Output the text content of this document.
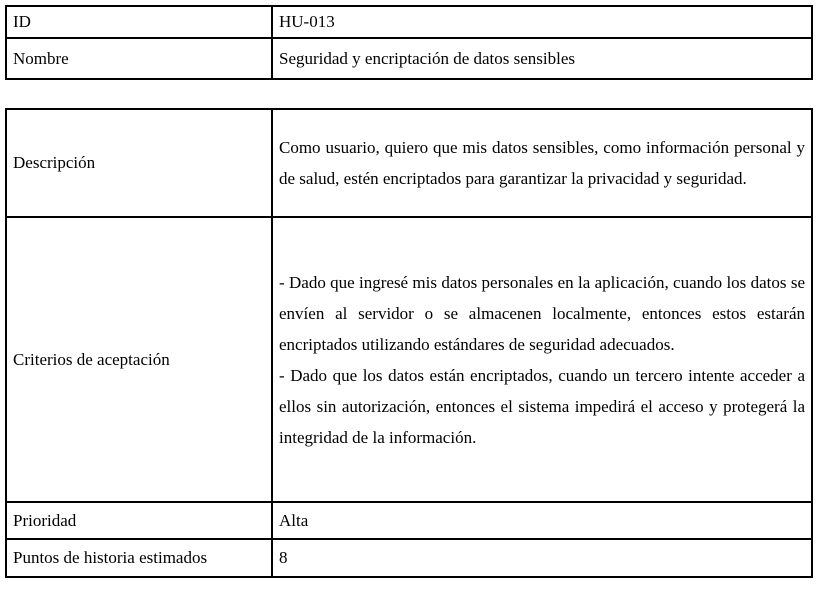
ID	HU-013
Nombre	Seguridad y encriptación de datos sensibles
Descripción	Como usuario, quiero que mis datos sensibles, como información personal y de salud, estén encriptados para garantizar la privacidad y seguridad.
Criterios de aceptación	- Dado que ingresé mis datos personales en la aplicación, cuando los datos se envíen al servidor o se almacenen localmente, entonces estos estarán encriptados utilizando estándares de seguridad adecuados.

- Dado que los datos están encriptados, cuando un tercero intente acceder a ellos sin autorización, entonces el sistema impedirá el acceso y protegerá la integridad de la información.

Prioridad	Alta
Puntos de historia estimados	8
